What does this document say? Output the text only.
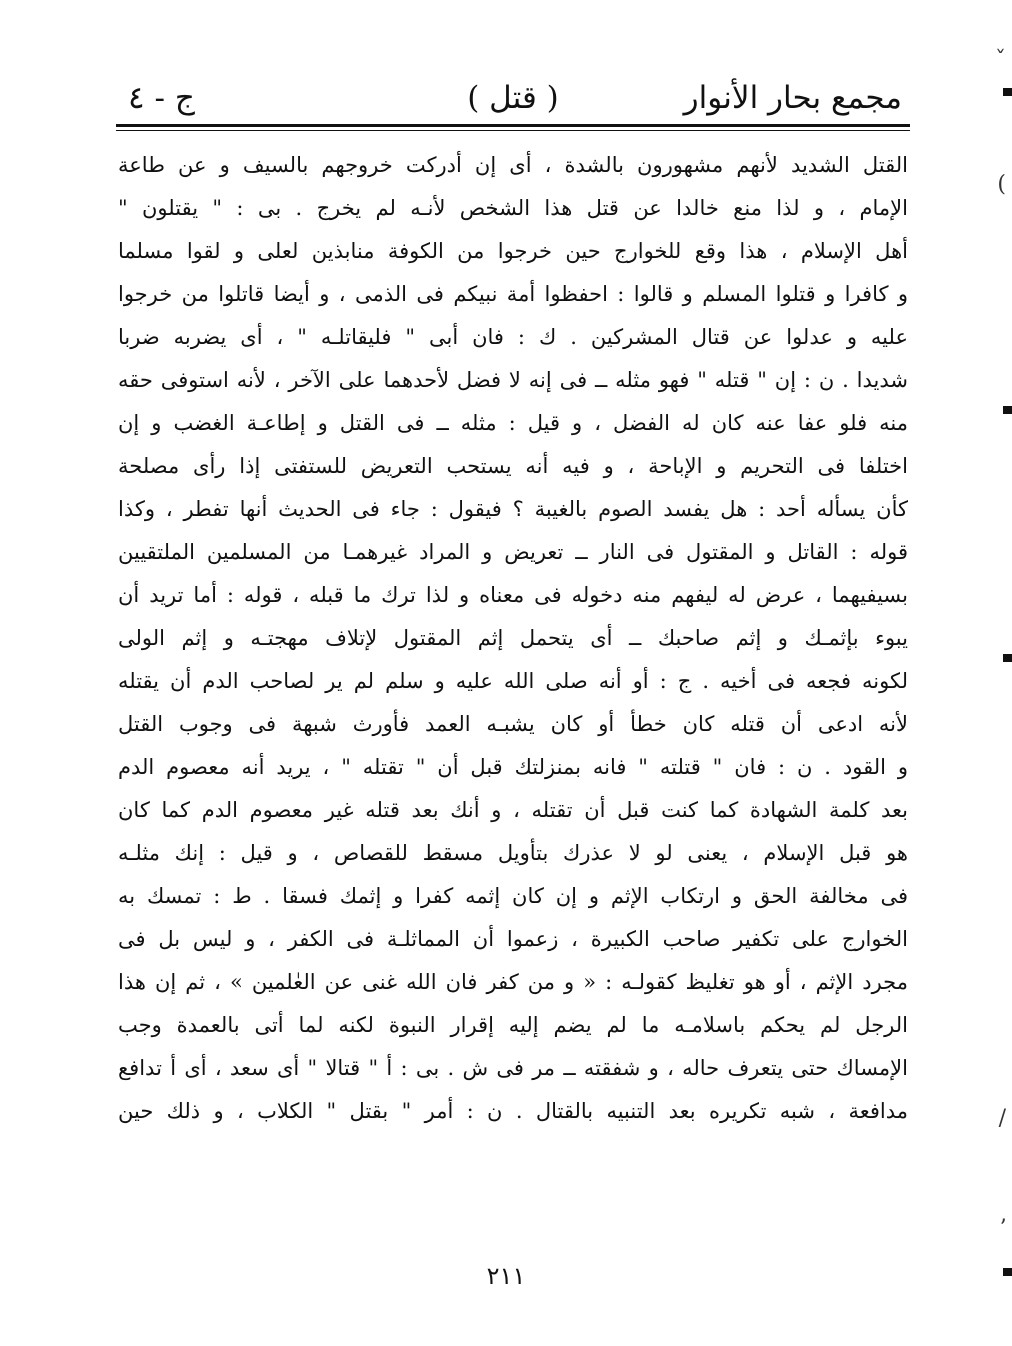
مجمع بحار الأنوار
( قتل )
ج - ٤
القتل الشديد لأنهم مشهورون بالشدة ، أى إن أدركت خروجهم بالسيف و عن طاعة
الإمام ، و لذا منع خالدا عن قتل هذا الشخص لأنـه لم يخرج . ﺑﻰ : " يقتلون "
أهل الإسلام ، هذا وقع للخوارج حين خرجوا من الكوفة منابذين لعلى و لقوا مسلما
و كافرا و قتلوا المسلم و قالوا : احفظوا أمة نبيكم فى الذمى ، و أيضا قاتلوا من خرجوا
عليه و عدلوا عن قتال المشركين . ﻙ : فان أبى " فليقاتلـه " ، أى يضربه ضربا
شديدا . ن : إن " قتله " فهو مثله ــ فى إنه لا فضل لأحدهما على الآخر ، لأنه استوفى حقه
منه فلو عفا عنه كان له الفضل ، و قيل : مثله ــ فى القتل و إطاعـة الغضب و إن
اختلفا فى التحريم و الإباحة ، و فيه أنه يستحب التعريض للستفتى إذا رأى مصلحة
كأن يسأله أحد : هل يفسد الصوم بالغيبة ؟ فيقول : جاء فى الحديث أنها تفطر ، وكذا
قوله : القاتل و المقتول فى النار ــ تعريض و المراد غيرهمـا من المسلمين الملتقيين
بسيفيهما ، عرض له ليفهم منه دخوله فى معناه و لذا ترك ما قبله ، قوله : أما تريد أن
يبوء بإثمـك و إثم صاحبك ــ أى يتحمل إثم المقتول لإتلاف مهجتـه و إثم الولى
لكونه فجعه فى أخيه . ﺝ : أو أنه صلى الله عليه و سلم لم ير لصاحب الدم أن يقتله
لأنه ادعى أن قتله كان خطأ أو كان يشبـه العمد فأورث شبهة فى وجوب القتل
و القود . ن : فان " قتلته " فانه بمنزلتك قبل أن " تقتله " ، يريد أنه معصوم الدم
بعد كلمة الشهادة كما كنت قبل أن تقتله ، و أنك بعد قتله غير معصوم الدم كما كان
هو قبل الإسلام ، يعنى لو لا عذرك بتأويل مسقط للقصاص ، و قيل : إنك مثلـه
فى مخالفة الحق و ارتكاب الإثم و إن كان إثمه كفرا و إثمك فسقا . ﻁ : تمسك به
الخوارج على تكفير صاحب الكبيرة ، زعموا أن المماثلـة فى الكفر ، و ليس بل فى
مجرد الإثم ، أو هو تغليظ كقولـه : « و من كفر فان الله غنى عن العٰلمين » ، ثم إن هذا
الرجل لم يحكم باسلامـه ما لم يضم إليه إقرار النبوة لكنه لما أتى بالعمدة وجب
الإمساك حتى يتعرف حاله ، و شفقته ــ مر فى ش . ﺑﻰ : أ " قتالا " أى سعد ، أى أ تدافع
مدافعة ، شبه تكريره بعد التنبيه بالقتال . ن : أمر " بقتل " الكلاب ، و ذلك حين
٢١١
ˇ
(
/
ʼ
